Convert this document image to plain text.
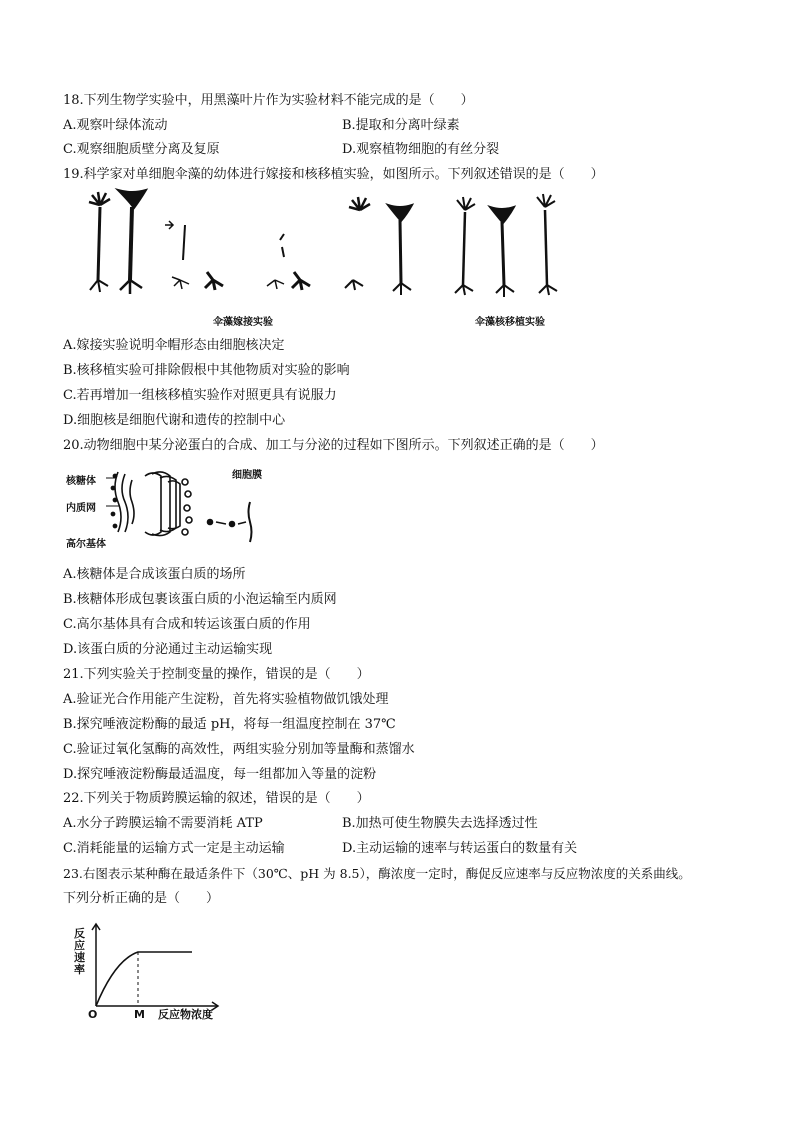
18.下列生物学实验中，用黑藻叶片作为实验材料不能完成的是（　　）
A.观察叶绿体流动	B.提取和分离叶绿素
C.观察细胞质壁分离及复原	D.观察植物细胞的有丝分裂
19.科学家对单细胞伞藻的幼体进行嫁接和核移植实验，如图所示。下列叙述错误的是（　　）
伞藻嫁接实验	伞藻核移植实验
A.嫁接实验说明伞帽形态由细胞核决定
B.核移植实验可排除假根中其他物质对实验的影响
C.若再增加一组核移植实验作对照更具有说服力
D.细胞核是细胞代谢和遗传的控制中心
20.动物细胞中某分泌蛋白的合成、加工与分泌的过程如下图所示。下列叙述正确的是（　　）
核糖体
内质网
高尔基体
细胞膜
A.核糖体是合成该蛋白质的场所
B.核糖体形成包裹该蛋白质的小泡运输至内质网
C.高尔基体具有合成和转运该蛋白质的作用
D.该蛋白质的分泌通过主动运输实现
21.下列实验关于控制变量的操作，错误的是（　　）
A.验证光合作用能产生淀粉，首先将实验植物做饥饿处理
B.探究唾液淀粉酶的最适 pH，将每一组温度控制在 37℃
C.验证过氧化氢酶的高效性，两组实验分别加等量酶和蒸馏水
D.探究唾液淀粉酶最适温度，每一组都加入等量的淀粉
22.下列关于物质跨膜运输的叙述，错误的是（　　）
A.水分子跨膜运输不需要消耗 ATP	B.加热可使生物膜失去选择透过性
C.消耗能量的运输方式一定是主动运输	D.主动运输的速率与转运蛋白的数量有关
23.右图表示某种酶在最适条件下（30℃、pH 为 8.5），酶浓度一定时，酶促反应速率与反应物浓度的关系曲线。
下列分析正确的是（　　）
反应速率
O	M 反应物浓度
